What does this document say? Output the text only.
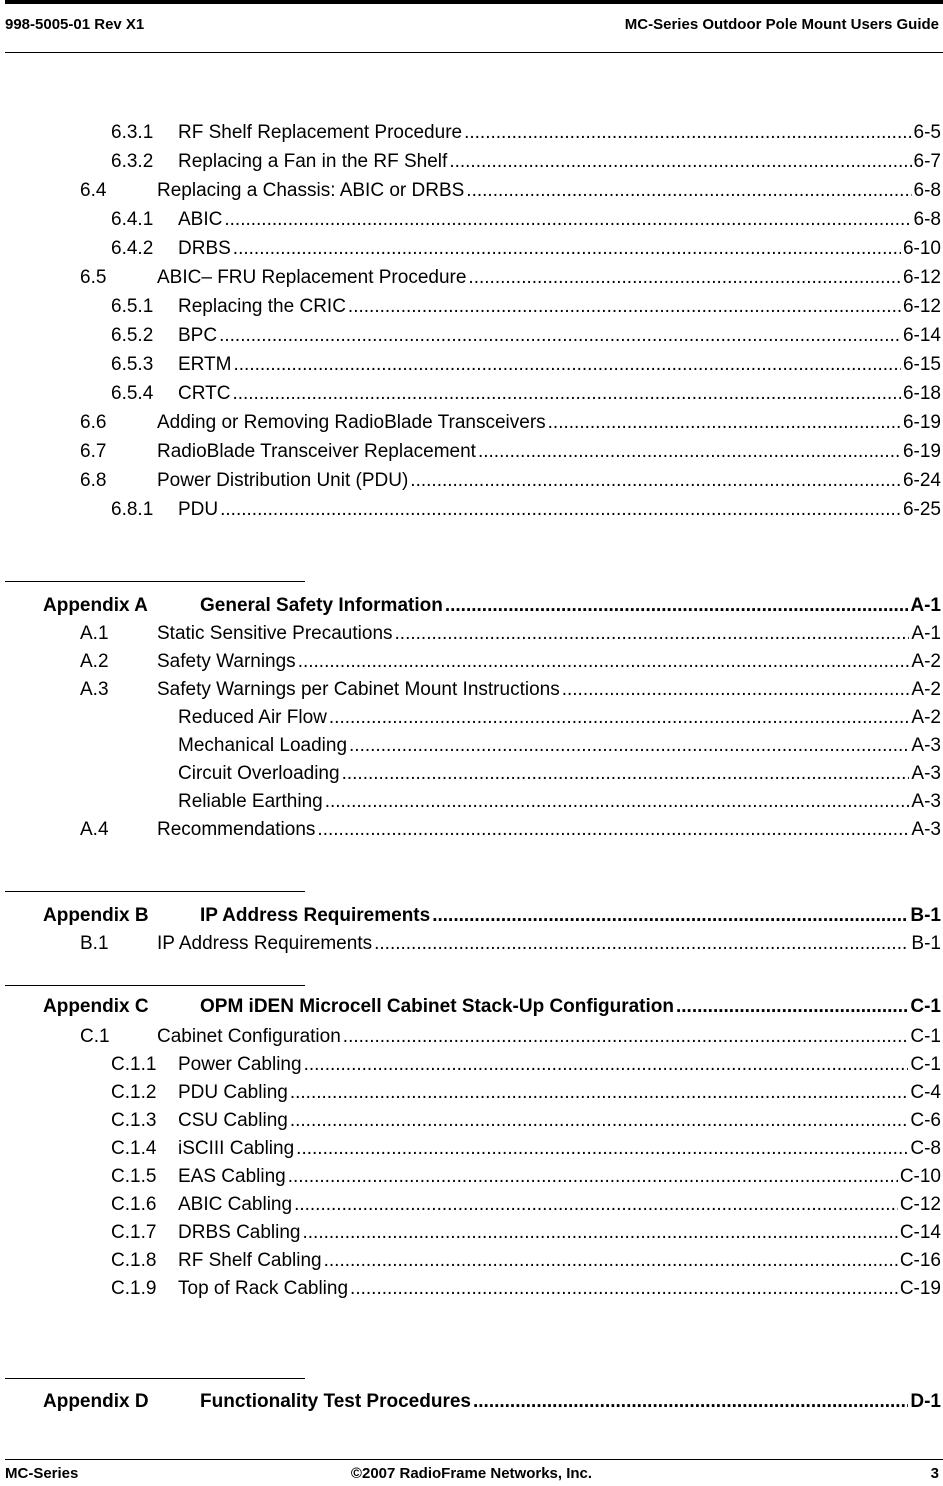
998-5005-01 Rev X1	MC-Series Outdoor Pole Mount Users Guide
6.3.1	RF Shelf Replacement Procedure .....	6-5
6.3.2	Replacing a Fan in the RF Shelf .....	6-7
6.4	Replacing a Chassis: ABIC or DRBS .....	6-8
6.4.1	ABIC .....	6-8
6.4.2	DRBS .....	6-10
6.5	ABIC– FRU Replacement Procedure .....	6-12
6.5.1	Replacing the CRIC .....	6-12
6.5.2	BPC .....	6-14
6.5.3	ERTM .....	6-15
6.5.4	CRTC .....	6-18
6.6	Adding or Removing RadioBlade Transceivers .....	6-19
6.7	RadioBlade Transceiver Replacement .....	6-19
6.8	Power Distribution Unit (PDU) .....	6-24
6.8.1	PDU .....	6-25
Appendix A	General Safety Information .....	A-1
A.1	Static Sensitive Precautions .....	A-1
A.2	Safety Warnings .....	A-2
A.3	Safety Warnings per Cabinet Mount Instructions .....	A-2
Reduced Air Flow .....	A-2
Mechanical Loading .....	A-3
Circuit Overloading .....	A-3
Reliable Earthing .....	A-3
A.4	Recommendations .....	A-3
Appendix B	IP Address Requirements .....	B-1
B.1	IP Address Requirements .....	B-1
Appendix C	OPM iDEN Microcell Cabinet Stack-Up Configuration .....	C-1
C.1	Cabinet Configuration .....	C-1
C.1.1	Power Cabling .....	C-1
C.1.2	PDU Cabling .....	C-4
C.1.3	CSU Cabling .....	C-6
C.1.4	iSCIII Cabling .....	C-8
C.1.5	EAS Cabling .....	C-10
C.1.6	ABIC Cabling .....	C-12
C.1.7	DRBS Cabling .....	C-14
C.1.8	RF Shelf Cabling .....	C-16
C.1.9	Top of Rack Cabling .....	C-19
Appendix D	Functionality Test Procedures .....	D-1
MC-Series	©2007 RadioFrame Networks, Inc.	3
